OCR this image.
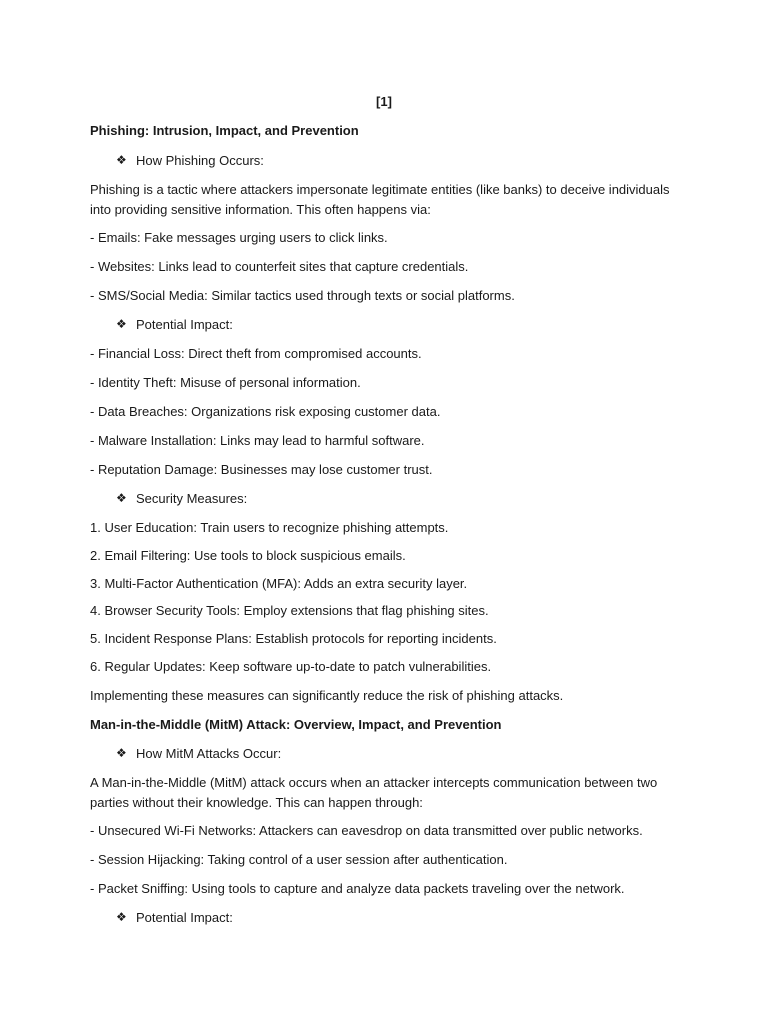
[1]
Phishing: Intrusion, Impact, and Prevention
❖ How Phishing Occurs:
Phishing is a tactic where attackers impersonate legitimate entities (like banks) to deceive individuals into providing sensitive information. This often happens via:
- Emails: Fake messages urging users to click links.
- Websites: Links lead to counterfeit sites that capture credentials.
- SMS/Social Media: Similar tactics used through texts or social platforms.
❖ Potential Impact:
- Financial Loss: Direct theft from compromised accounts.
- Identity Theft: Misuse of personal information.
- Data Breaches: Organizations risk exposing customer data.
- Malware Installation: Links may lead to harmful software.
- Reputation Damage: Businesses may lose customer trust.
❖ Security Measures:
1. User Education: Train users to recognize phishing attempts.
2. Email Filtering: Use tools to block suspicious emails.
3. Multi-Factor Authentication (MFA): Adds an extra security layer.
4. Browser Security Tools: Employ extensions that flag phishing sites.
5. Incident Response Plans: Establish protocols for reporting incidents.
6. Regular Updates: Keep software up-to-date to patch vulnerabilities.
Implementing these measures can significantly reduce the risk of phishing attacks.
Man-in-the-Middle (MitM) Attack: Overview, Impact, and Prevention
❖ How MitM Attacks Occur:
A Man-in-the-Middle (MitM) attack occurs when an attacker intercepts communication between two parties without their knowledge. This can happen through:
- Unsecured Wi-Fi Networks: Attackers can eavesdrop on data transmitted over public networks.
- Session Hijacking: Taking control of a user session after authentication.
- Packet Sniffing: Using tools to capture and analyze data packets traveling over the network.
❖ Potential Impact:
